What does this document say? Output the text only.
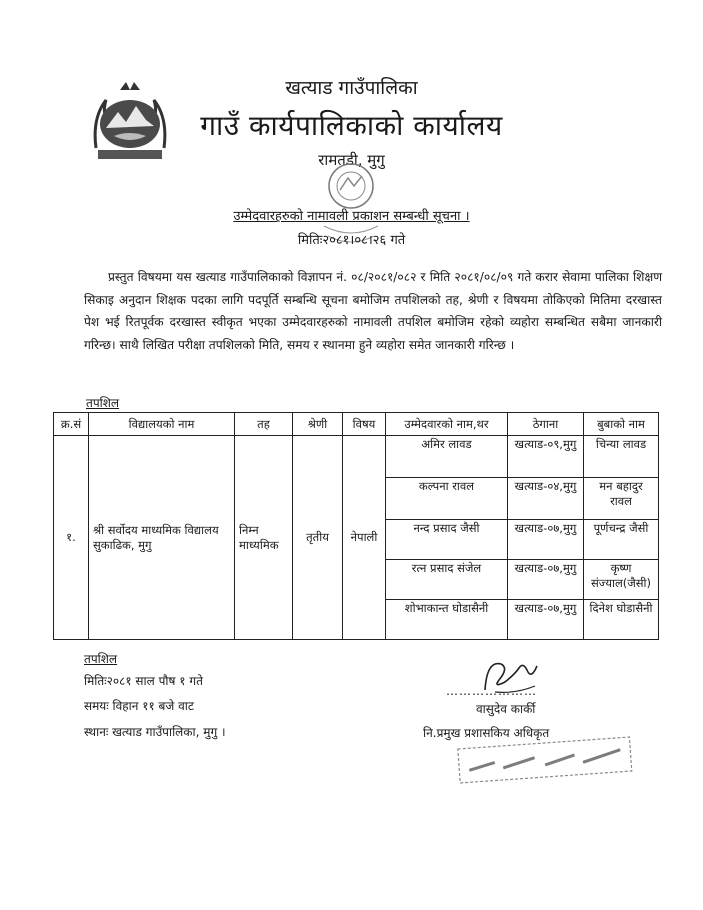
खत्याड गाउँपालिका
गाउँ कार्यपालिकाको कार्यालय
रामतडी, मुगु
उम्मेदवारहरुको नामावली प्रकाशन सम्बन्धी सूचना ।
मितिः२०८१।०८।२६ गते
प्रस्तुत विषयमा यस खत्याड गाउँपालिकाको विज्ञापन नं. ०८/२०८१/०८२ र मिति २०८१/०८/०९ गते करार सेवामा पालिका शिक्षण सिकाइ अनुदान शिक्षक पदका लागि पदपूर्ति सम्बन्धि सूचना बमोजिम तपशिलको तह, श्रेणी र विषयमा तोकिएको मितिमा दरखास्त पेश भई रितपूर्वक दरखास्त स्वीकृत भएका उम्मेदवारहरुको नामावली तपशिल बमोजिम रहेको व्यहोरा सम्बन्धित सबैमा जानकारी गरिन्छ। साथै लिखित परीक्षा तपशिलको मिति, समय र स्थानमा हुने व्यहोरा समेत जानकारी गरिन्छ ।
तपशिल
क्र.सं	विद्यालयको नाम	तह	श्रेणी	विषय	उम्मेदवारको नाम,थर	ठेगाना	बुबाको नाम
१.	श्री सर्वोदय माध्यमिक विद्यालय सुकाढिक, मुगु	निम्न माध्यमिक	तृतीय	नेपाली	अमिर लावड	खत्याड-०९,मुगु	चिन्या लावड
					कल्पना रावल	खत्याड-०४,मुगु	मन बहादुर रावल
					नन्द प्रसाद जैसी	खत्याड-०७,मुगु	पूर्णचन्द्र जैसी
					रत्न प्रसाद संजेल	खत्याड-०७,मुगु	कृष्ण संज्याल(जैसी)
					शोभाकान्त घोडासैनी	खत्याड-०७,मुगु	दिनेश घोडासैनी
तपशिल
मितिः२०८१ साल पौष १ गते
समयः विहान ११ बजे वाट
स्थानः खत्याड गाउँपालिका, मुगु ।
…………………
वासुदेव कार्की
नि.प्रमुख प्रशासकिय अधिकृत
